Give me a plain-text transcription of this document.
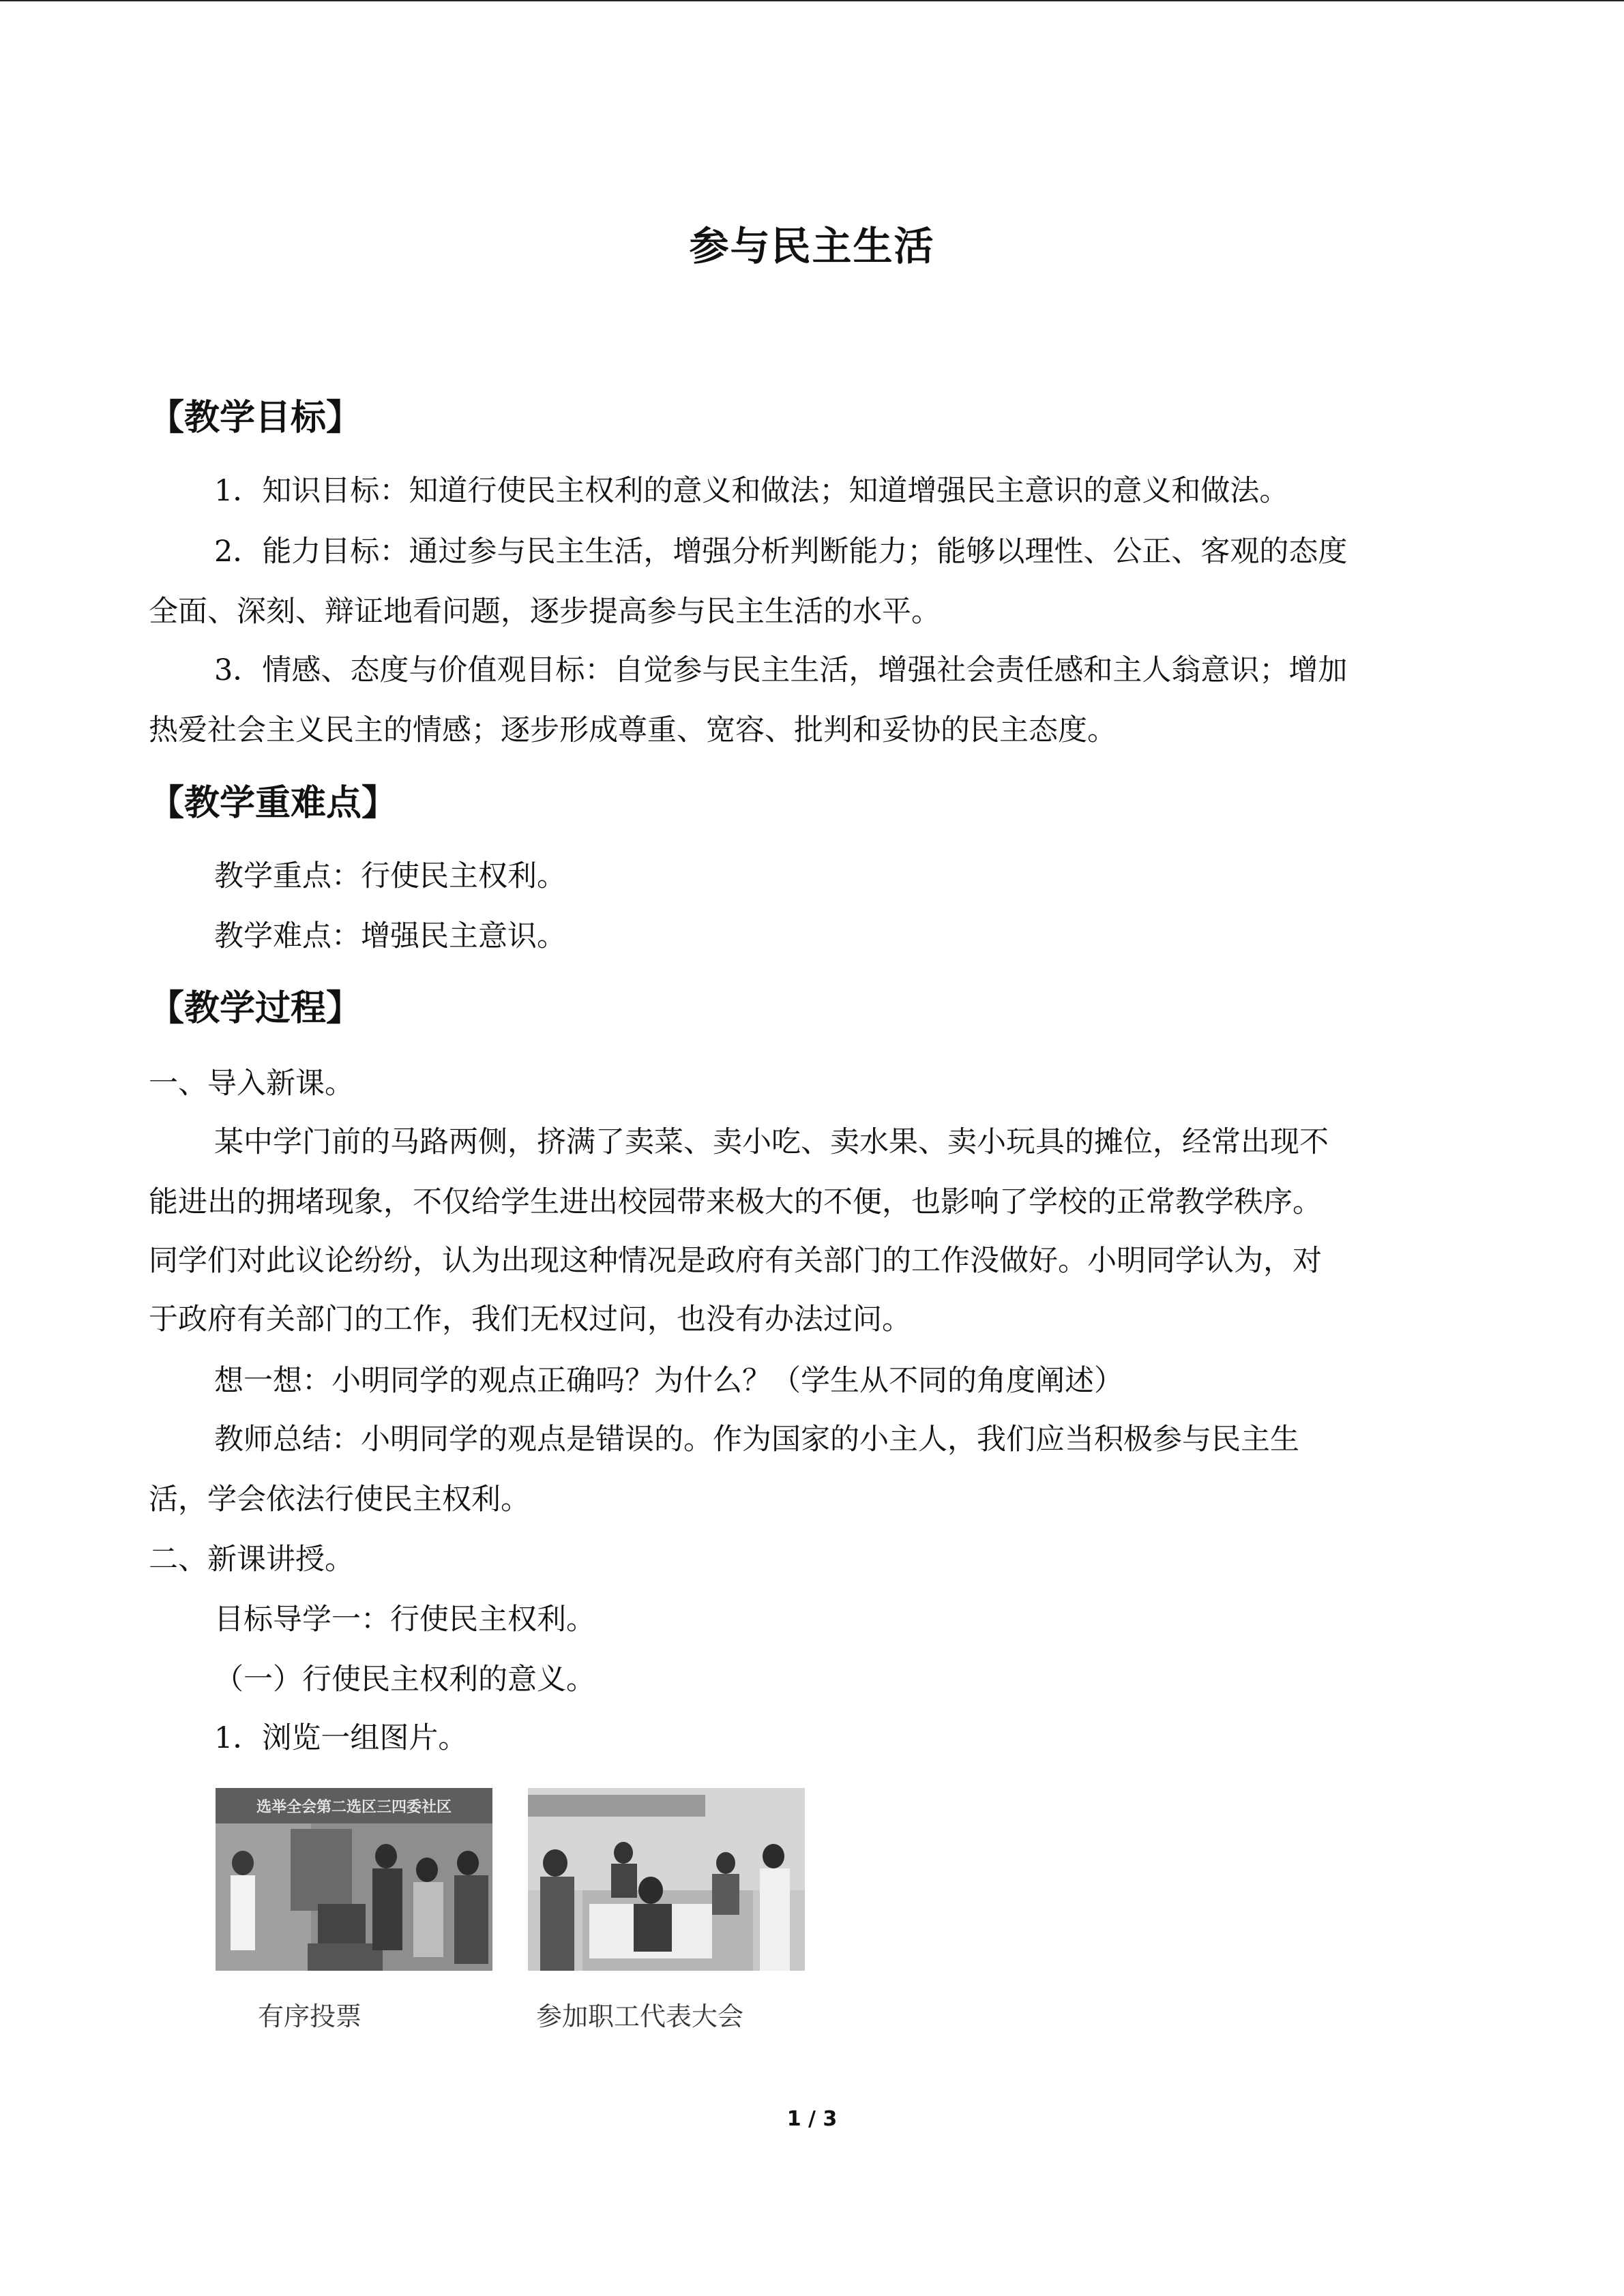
参与民主生活
【教学目标】

1．知识目标：知道行使民主权利的意义和做法；知道增强民主意识的意义和做法。

2．能力目标：通过参与民主生活，增强分析判断能力；能够以理性、公正、客观的态度

全面、深刻、辩证地看问题，逐步提高参与民主生活的水平。

3．情感、态度与价值观目标：自觉参与民主生活，增强社会责任感和主人翁意识；增加

热爱社会主义民主的情感；逐步形成尊重、宽容、批判和妥协的民主态度。

【教学重难点】

教学重点：行使民主权利。

教学难点：增强民主意识。

【教学过程】

一、导入新课。

某中学门前的马路两侧，挤满了卖菜、卖小吃、卖水果、卖小玩具的摊位，经常出现不

能进出的拥堵现象，不仅给学生进出校园带来极大的不便，也影响了学校的正常教学秩序。

同学们对此议论纷纷，认为出现这种情况是政府有关部门的工作没做好。小明同学认为，对

于政府有关部门的工作，我们无权过问，也没有办法过问。

想一想：小明同学的观点正确吗？为什么？（学生从不同的角度阐述）

教师总结：小明同学的观点是错误的。作为国家的小主人，我们应当积极参与民主生

活，学会依法行使民主权利。

二、新课讲授。

目标导学一：行使民主权利。

（一）行使民主权利的意义。

1．浏览一组图片。

选举全会第二选区三四委社区

有序投票	参加职工代表大会

1 / 3
